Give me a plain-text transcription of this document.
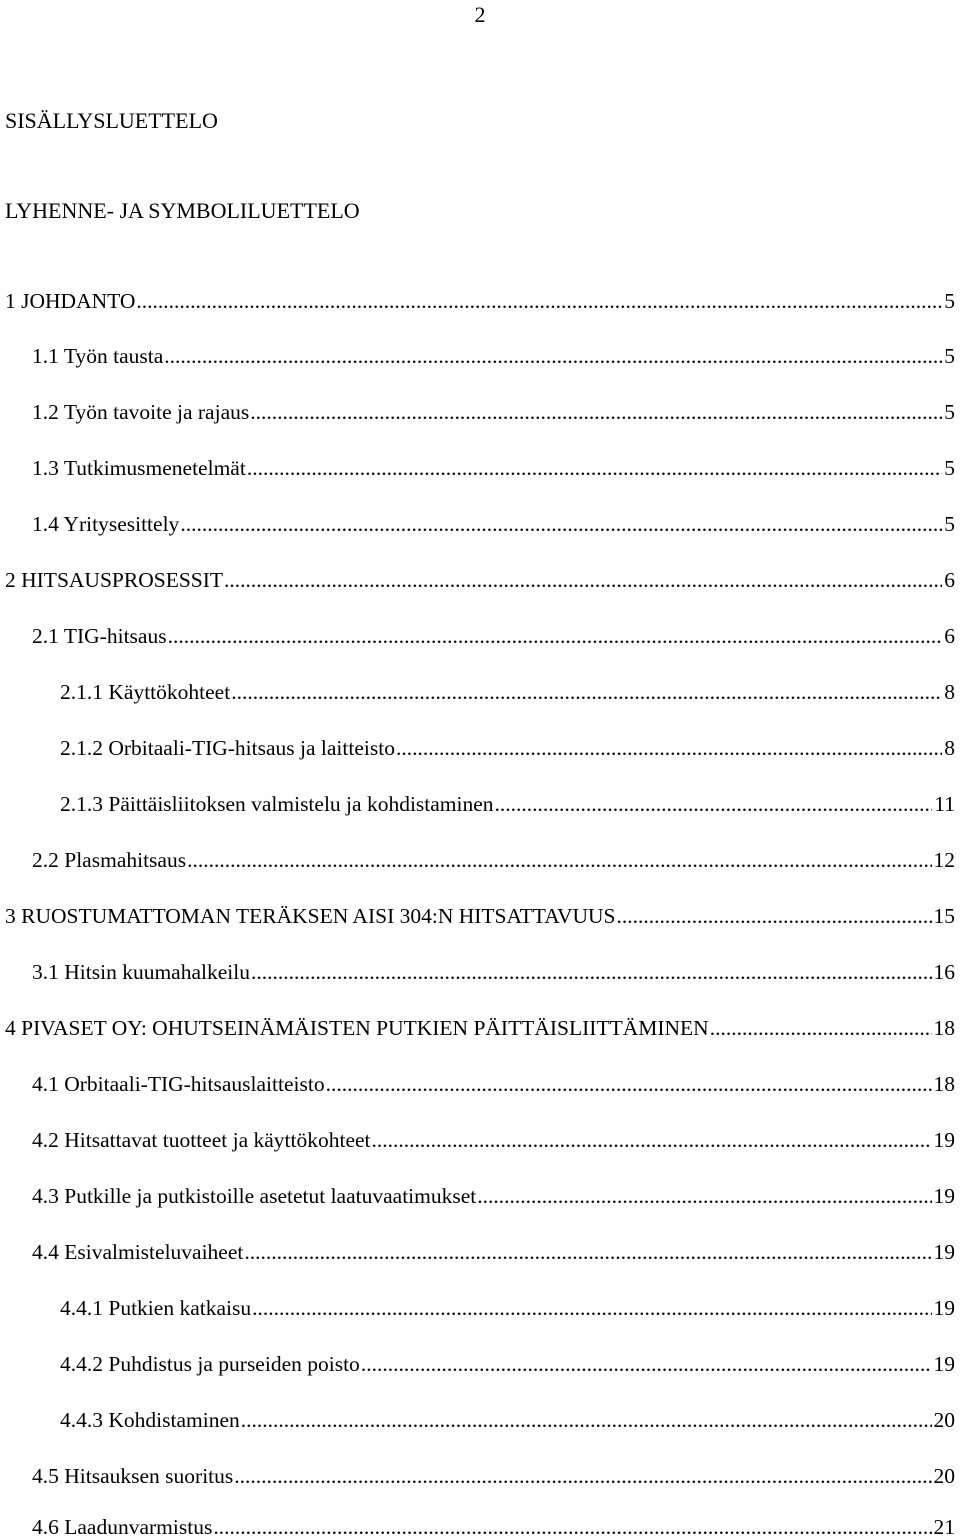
2
SISÄLLYSLUETTELO
LYHENNE- JA SYMBOLILUETTELO
1 JOHDANTO .....	5
1.1 Työn tausta .....	5
1.2 Työn tavoite ja rajaus .....	5
1.3 Tutkimusmenetelmät .....	5
1.4 Yritysesittely .....	5
2 HITSAUSPROSESSIT .....	6
2.1 TIG-hitsaus .....	6
2.1.1 Käyttökohteet .....	8
2.1.2 Orbitaali-TIG-hitsaus ja laitteisto .....	8
2.1.3 Päittäisliitoksen valmistelu ja kohdistaminen .....	11
2.2 Plasmahitsaus .....	12
3 RUOSTUMATTOMAN TERÄKSEN AISI 304:N HITSATTAVUUS .....	15
3.1 Hitsin kuumahalkeilu .....	16
4 PIVASET OY: OHUTSEINÄMÄISTEN PUTKIEN PÄITTÄISLIITTÄMINEN .....	18
4.1 Orbitaali-TIG-hitsauslaitteisto .....	18
4.2 Hitsattavat tuotteet ja käyttökohteet .....	19
4.3 Putkille ja putkistoille asetetut laatuvaatimukset .....	19
4.4 Esivalmisteluvaiheet .....	19
4.4.1 Putkien katkaisu .....	19
4.4.2 Puhdistus ja purseiden poisto .....	19
4.4.3 Kohdistaminen .....	20
4.5 Hitsauksen suoritus .....	20
4.6 Laadunvarmistus .....	21
